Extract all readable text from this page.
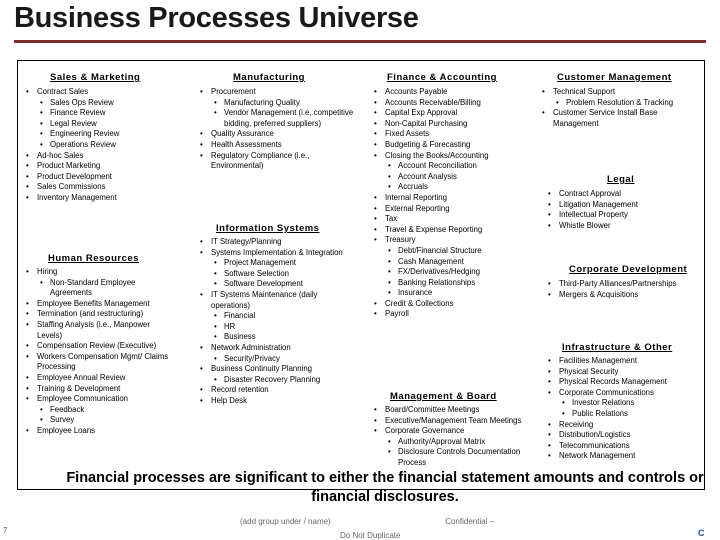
Business Processes Universe
Sales & Marketing
• Contract Sales
• Sales Ops Review
• Finance Review
• Legal Review
• Engineering Review
• Operations Review
• Ad-hoc Sales
• Product Marketing
• Product Development
• Sales Commissions
• Inventory Management
Human Resources
• Hiring
• Non-Standard Employee Agreements
• Employee Benefits Management
• Termination (and restructuring)
• Staffing Analysis (i.e., Manpower Levels)
• Compensation Review (Executive)
• Workers Compensation Mgmt/ Claims Processing
• Employee Annual Review
• Training & Development
• Employee Communication
• Feedback
• Survey
• Employee Loans
Manufacturing
• Procurement
• Manufacturing Quality
• Vendor Management (i.e, competitive bidding, preferred suppliers)
• Quality Assurance
• Health Assessments
• Regulatory Compliance (i.e., Environmental)
Information Systems
• IT Strategy/Planning
• Systems Implementation & Integration
• Project Management
• Software Selection
• Software Development
• IT Systems Maintenance (daily operations)
• Financial
• HR
• Business
• Network Administration
• Security/Privacy
• Business Continuity Planning
• Disaster Recovery Planning
• Record retention
• Help Desk
Finance & Accounting
• Accounts Payable
• Accounts Receivable/Billing
• Capital Exp Approval
• Non-Capital Purchasing
• Fixed Assets
• Budgeting & Forecasting
• Closing the Books/Accounting
• Account Reconciliation
• Account Analysis
• Accruals
• Internal Reporting
• External Reporting
• Tax
• Travel & Expense Reporting
• Treasury
• Debt/Financial Structure
• Cash Management
• FX/Derivatives/Hedging
• Banking Relationships
• Insurance
• Credit & Collections
• Payroll
Management & Board
• Board/Committee Meetings
• Executive/Management Team Meetings
• Corporate Governance
• Authority/Approval Matrix
• Disclosure Controls Documentation Process
Customer Management
• Technical Support
• Problem Resolution & Tracking
• Customer Service Install Base Management
Legal
• Contract Approval
• Litigation Management
• Intellectual Property
• Whistle Blower
Corporate Development
• Third-Party Alliances/Partnerships
• Mergers & Acquisitions
Infrastructure & Other
• Facilities Management
• Physical Security
• Physical Records Management
• Corporate Communications
• Investor Relations
• Public Relations
• Receiving
• Distribution/Logistics
• Telecommunications
• Network Management
Financial processes are significant to either the financial statement amounts and controls or financial disclosures.
7
(add group under / name)	Confidential –
Do Not Duplicate	C
